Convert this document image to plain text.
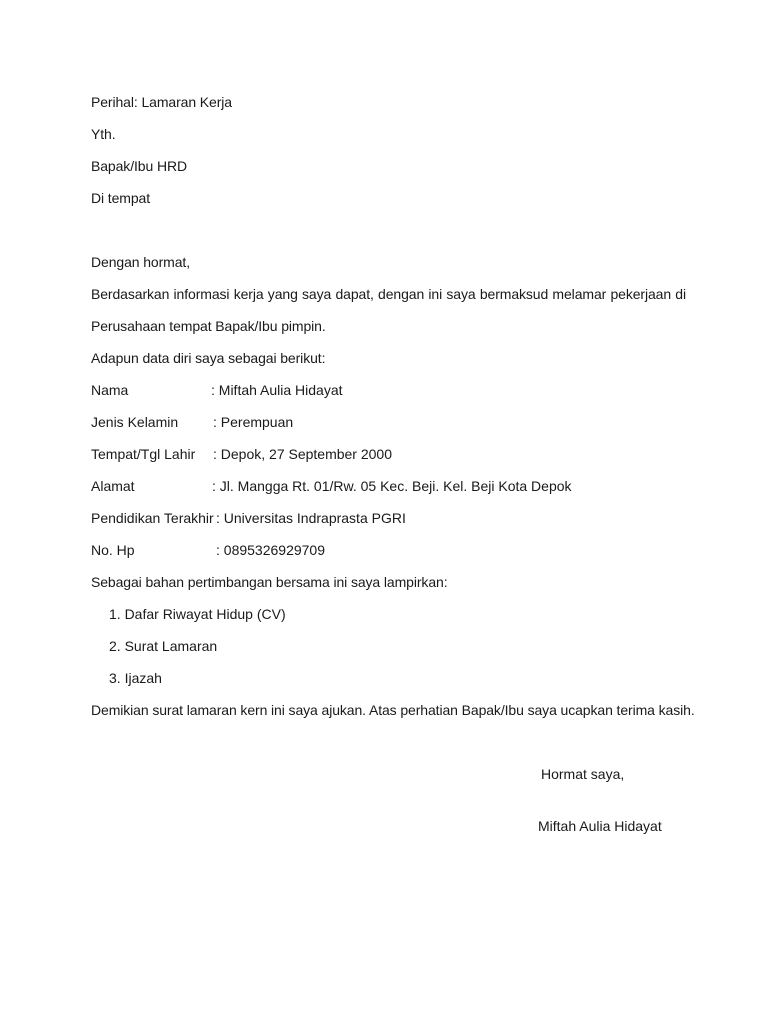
Perihal: Lamaran Kerja
Yth.
Bapak/Ibu HRD
Di tempat
Dengan hormat,
Berdasarkan informasi kerja yang saya dapat, dengan ini saya bermaksud melamar pekerjaan di
Perusahaan tempat Bapak/Ibu pimpin.
Adapun data diri saya sebagai berikut:
Nama	: Miftah Aulia Hidayat
Jenis Kelamin : Perempuan
Tempat/Tgl Lahir : Depok, 27 September 2000
Alamat	: Jl. Mangga Rt. 01/Rw. 05 Kec. Beji. Kel. Beji Kota Depok
Pendidikan Terakhir : Universitas Indraprasta PGRI
No. Hp	: 0895326929709
Sebagai bahan pertimbangan bersama ini saya lampirkan:
1. Dafar Riwayat Hidup (CV)
2. Surat Lamaran
3. Ijazah
Demikian surat lamaran kern ini saya ajukan. Atas perhatian Bapak/Ibu saya ucapkan terima kasih.
Hormat saya,
Miftah Aulia Hidayat
